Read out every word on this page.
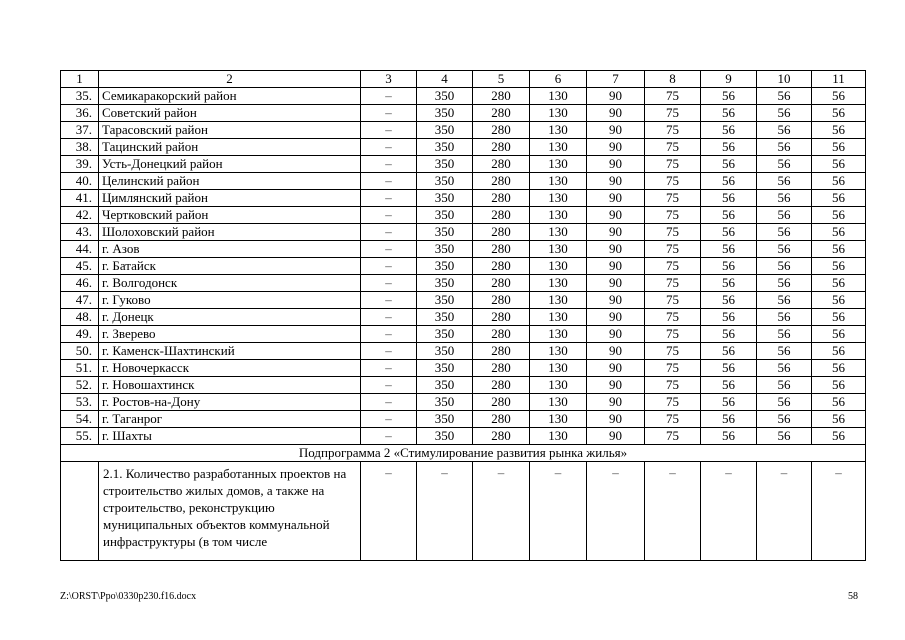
1	2	3	4	5	6	7	8	9	10	11
35.	Семикаракорский район	–	350	280	130	90	75	56	56	56
36.	Советский район	–	350	280	130	90	75	56	56	56
37.	Тарасовский район	–	350	280	130	90	75	56	56	56
38.	Тацинский район	–	350	280	130	90	75	56	56	56
39.	Усть-Донецкий район	–	350	280	130	90	75	56	56	56
40.	Целинский район	–	350	280	130	90	75	56	56	56
41.	Цимлянский район	–	350	280	130	90	75	56	56	56
42.	Чертковский район	–	350	280	130	90	75	56	56	56
43.	Шолоховский район	–	350	280	130	90	75	56	56	56
44.	г. Азов	–	350	280	130	90	75	56	56	56
45.	г. Батайск	–	350	280	130	90	75	56	56	56
46.	г. Волгодонск	–	350	280	130	90	75	56	56	56
47.	г. Гуково	–	350	280	130	90	75	56	56	56
48.	г. Донецк	–	350	280	130	90	75	56	56	56
49.	г. Зверево	–	350	280	130	90	75	56	56	56
50.	г. Каменск-Шахтинский	–	350	280	130	90	75	56	56	56
51.	г. Новочеркасск	–	350	280	130	90	75	56	56	56
52.	г. Новошахтинск	–	350	280	130	90	75	56	56	56
53.	г. Ростов-на-Дону	–	350	280	130	90	75	56	56	56
54.	г. Таганрог	–	350	280	130	90	75	56	56	56
55.	г. Шахты	–	350	280	130	90	75	56	56	56
Подпрограмма 2 «Стимулирование развития рынка жилья»										
	2.1. Количество разработанных проектов на строительство жилых домов, а также на строительство, реконструкцию муниципальных объектов коммунальной инфраструктуры (в том числе	–	–	–	–	–	–	–	–	–
Z:\ORST\Ppo\0330p230.f16.docx	58
